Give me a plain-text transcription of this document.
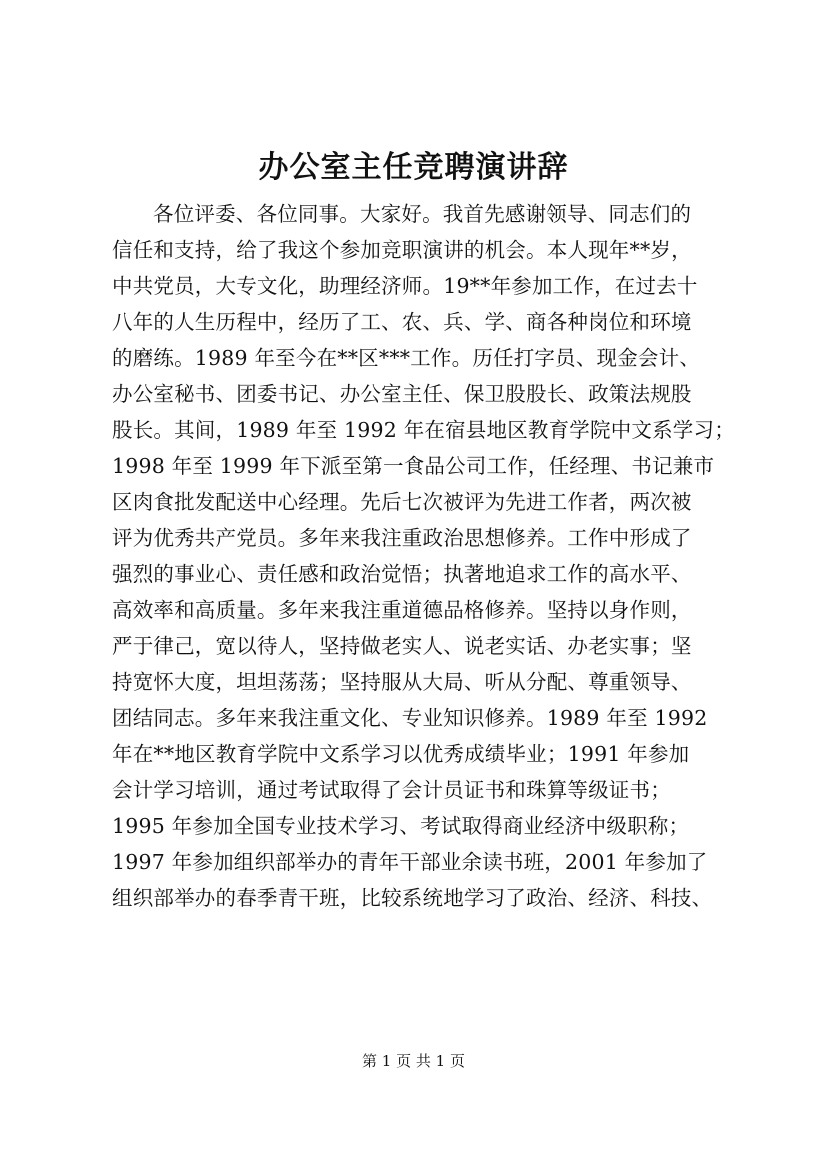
办公室主任竞聘演讲辞
各位评委、各位同事。大家好。我首先感谢领导、同志们的
信任和支持，给了我这个参加竞职演讲的机会。本人现年**岁，
中共党员，大专文化，助理经济师。19**年参加工作，在过去十
八年的人生历程中，经历了工、农、兵、学、商各种岗位和环境
的磨练。1989 年至今在**区***工作。历任打字员、现金会计、
办公室秘书、团委书记、办公室主任、保卫股股长、政策法规股
股长。其间，1989 年至 1992 年在宿县地区教育学院中文系学习；
1998 年至 1999 年下派至第一食品公司工作，任经理、书记兼市
区肉食批发配送中心经理。先后七次被评为先进工作者，两次被
评为优秀共产党员。多年来我注重政治思想修养。工作中形成了
强烈的事业心、责任感和政治觉悟；执著地追求工作的高水平、
高效率和高质量。多年来我注重道德品格修养。坚持以身作则，
严于律己，宽以待人，坚持做老实人、说老实话、办老实事；坚
持宽怀大度，坦坦荡荡；坚持服从大局、听从分配、尊重领导、
团结同志。多年来我注重文化、专业知识修养。1989 年至 1992
年在**地区教育学院中文系学习以优秀成绩毕业；1991 年参加
会计学习培训，通过考试取得了会计员证书和珠算等级证书；
1995 年参加全国专业技术学习、考试取得商业经济中级职称；
1997 年参加组织部举办的青年干部业余读书班，2001 年参加了
组织部举办的春季青干班，比较系统地学习了政治、经济、科技、
第 1 页 共 1 页
